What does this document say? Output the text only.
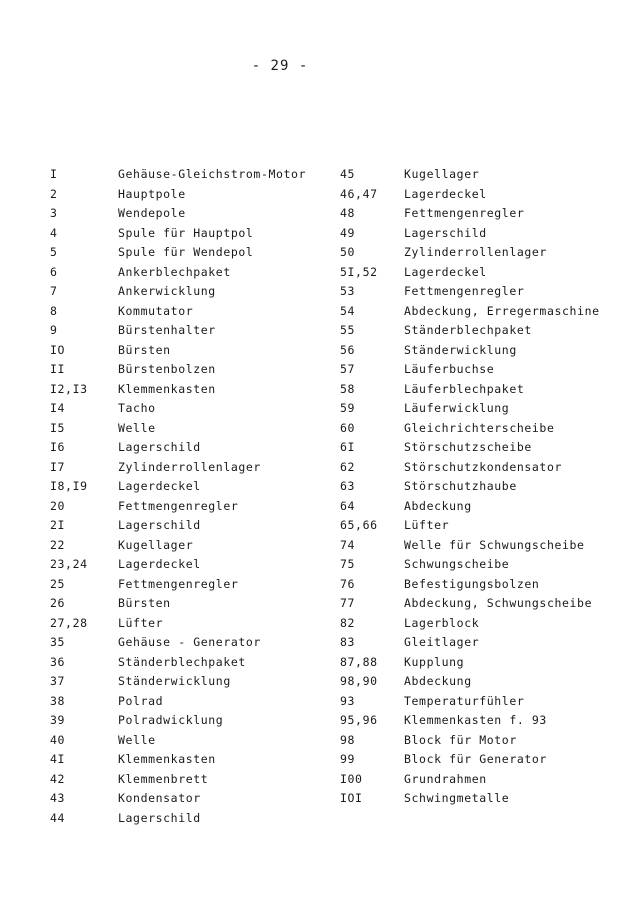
- 29 -
I	Gehäuse-Gleichstrom-Motor
2	Hauptpole
3	Wendepole
4	Spule für Hauptpol
5	Spule für Wendepol
6	Ankerblechpaket
7	Ankerwicklung
8	Kommutator
9	Bürstenhalter
IO	Bürsten
II	Bürstenbolzen
I2,I3	Klemmenkasten
I4	Tacho
I5	Welle
I6	Lagerschild
I7	Zylinderrollenlager
I8,I9	Lagerdeckel
20	Fettmengenregler
2I	Lagerschild
22	Kugellager
23,24	Lagerdeckel
25	Fettmengenregler
26	Bürsten
27,28	Lüfter
35	Gehäuse - Generator
36	Ständerblechpaket
37	Ständerwicklung
38	Polrad
39	Polradwicklung
40	Welle
4I	Klemmenkasten
42	Klemmenbrett
43	Kondensator
44	Lagerschild
45	Kugellager
46,47	Lagerdeckel
48	Fettmengenregler
49	Lagerschild
50	Zylinderrollenlager
5I,52	Lagerdeckel
53	Fettmengenregler
54	Abdeckung, Erregermaschine
55	Ständerblechpaket
56	Ständerwicklung
57	Läuferbuchse
58	Läuferblechpaket
59	Läuferwicklung
60	Gleichrichterscheibe
6I	Störschutzscheibe
62	Störschutzkondensator
63	Störschutzhaube
64	Abdeckung
65,66	Lüfter
74	Welle für Schwungscheibe
75	Schwungscheibe
76	Befestigungsbolzen
77	Abdeckung, Schwungscheibe
82	Lagerblock
83	Gleitlager
87,88	Kupplung
98,90	Abdeckung
93	Temperaturfühler
95,96	Klemmenkasten f. 93
98	Block für Motor
99	Block für Generator
I00	Grundrahmen
IOI	Schwingmetalle
